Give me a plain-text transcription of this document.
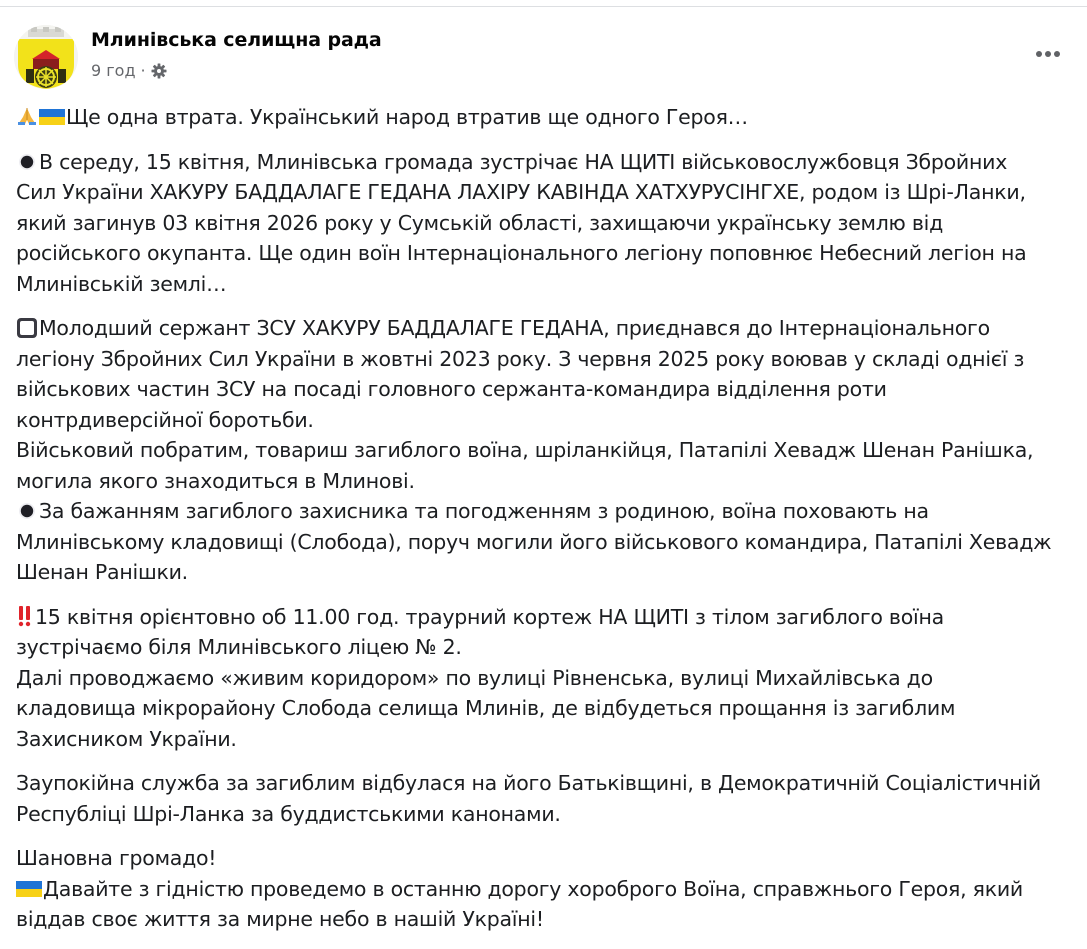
Млинівська селищна рада
9 год ·
Ще одна втрата. Український народ втратив ще одного Героя…
В середу, 15 квітня, Млинівська громада зустрічає НА ЩИТІ військовослужбовця Збройних
Сил України ХАКУРУ БАДДАЛАГЕ ГЕДАНА ЛАХІРУ КАВІНДА ХАТХУРУСІНГХЕ, родом із Шрі-Ланки,
який загинув 03 квітня 2026 року у Сумській області, захищаючи українську землю від
російського окупанта. Ще один воїн Інтернаціонального легіону поповнює Небесний легіон на
Млинівській землі…
Молодший сержант ЗСУ ХАКУРУ БАДДАЛАГЕ ГЕДАНА, приєднався до Інтернаціонального
легіону Збройних Сил України в жовтні 2023 року. З червня 2025 року воював у складі однієї з
військових частин ЗСУ на посаді головного сержанта-командира відділення роти
контрдиверсійної боротьби.
Військовий побратим, товариш загиблого воїна, шріланкійця, Патапілі Хевадж Шенан Ранішка,
могила якого знаходиться в Млинові.
За бажанням загиблого захисника та погодженням з родиною, воїна поховають на
Млинівському кладовищі (Слобода), поруч могили його військового командира, Патапілі Хевадж
Шенан Ранішки.
15 квітня орієнтовно об 11.00 год. траурний кортеж НА ЩИТІ з тілом загиблого воїна
зустрічаємо біля Млинівського ліцею № 2.
Далі проводжаємо «живим коридором» по вулиці Рівненська, вулиці Михайлівська до
кладовища мікрорайону Слобода селища Млинів, де відбудеться прощання із загиблим
Захисником України.
Заупокійна служба за загиблим відбулася на його Батьківщині, в Демократичній Соціалістичній
Республіці Шрі-Ланка за буддистськими канонами.
Шановна громадо!
Давайте з гідністю проведемо в останню дорогу хороброго Воїна, справжнього Героя, який
віддав своє життя за мирне небо в нашій Україні!
